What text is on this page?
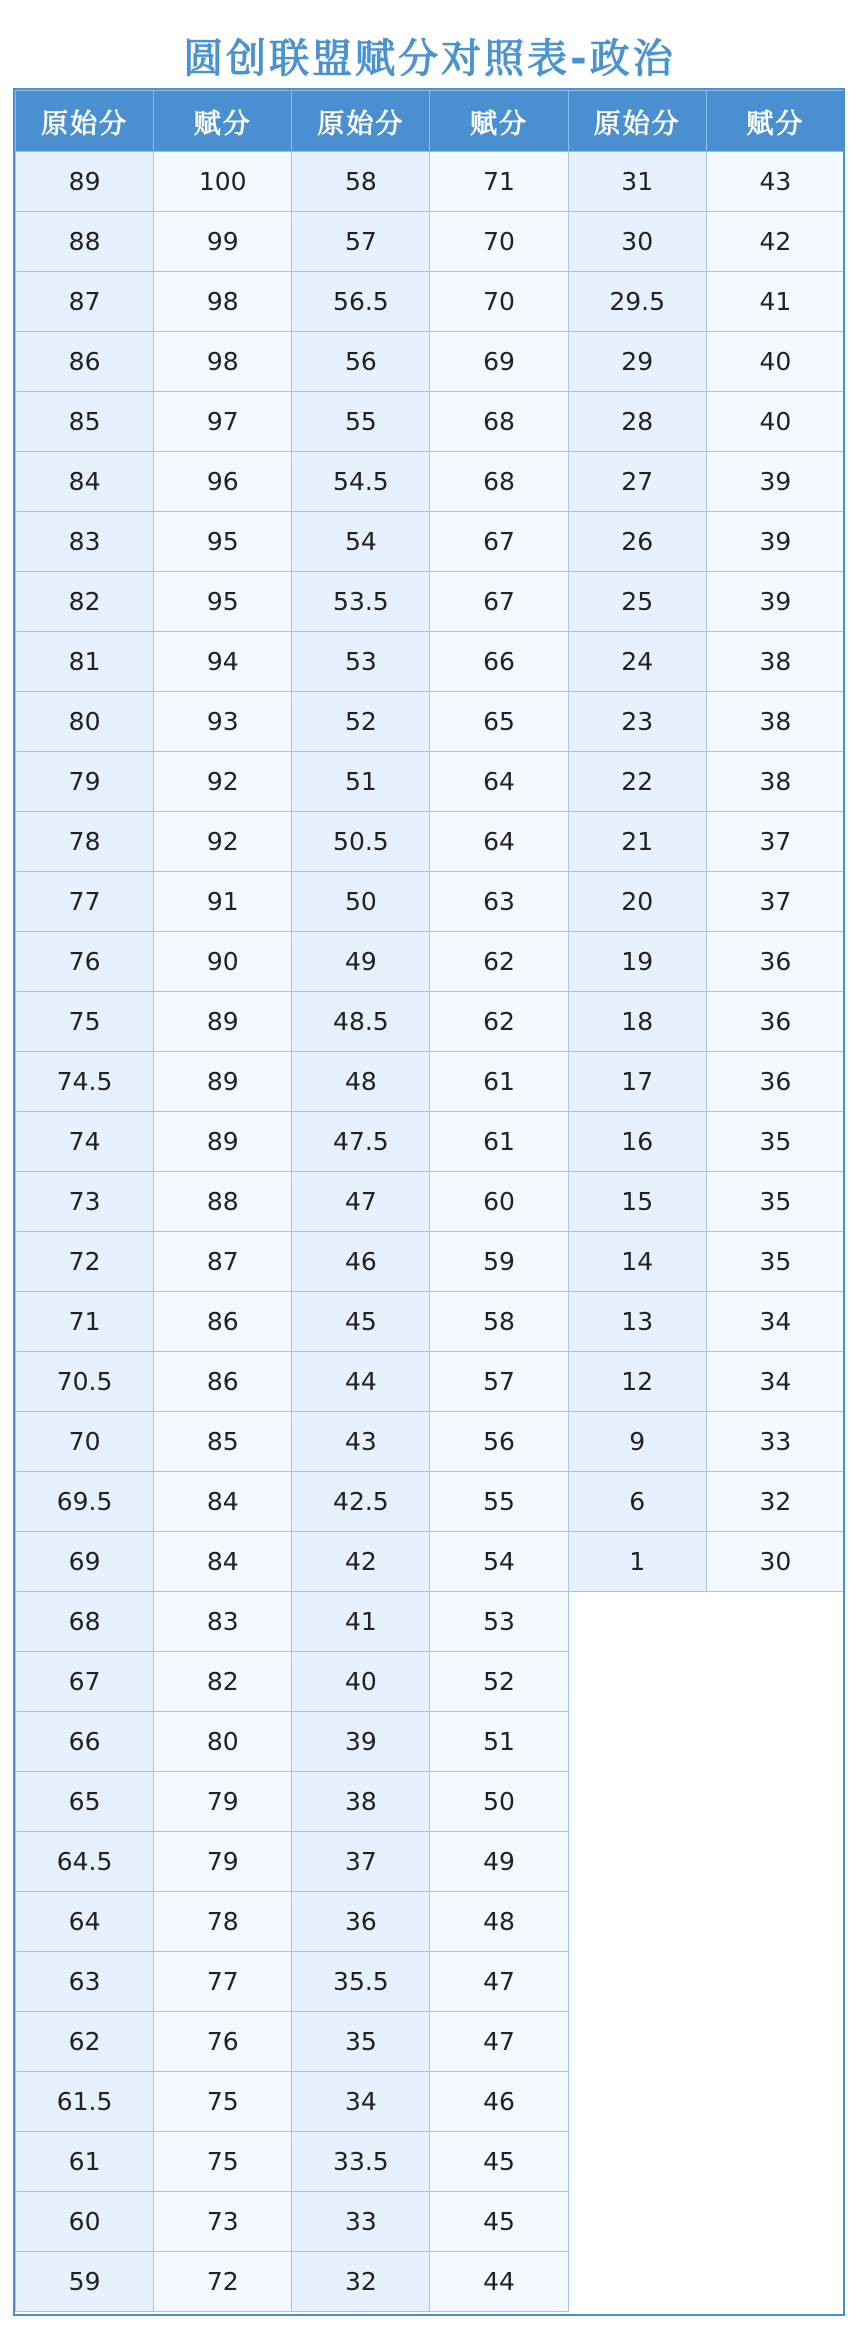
圆创联盟赋分对照表-政治
原始分	赋分	原始分	赋分	原始分	赋分
89	100	58	71	31	43
88	99	57	70	30	42
87	98	56.5	70	29.5	41
86	98	56	69	29	40
85	97	55	68	28	40
84	96	54.5	68	27	39
83	95	54	67	26	39
82	95	53.5	67	25	39
81	94	53	66	24	38
80	93	52	65	23	38
79	92	51	64	22	38
78	92	50.5	64	21	37
77	91	50	63	20	37
76	90	49	62	19	36
75	89	48.5	62	18	36
74.5	89	48	61	17	36
74	89	47.5	61	16	35
73	88	47	60	15	35
72	87	46	59	14	35
71	86	45	58	13	34
70.5	86	44	57	12	34
70	85	43	56	9	33
69.5	84	42.5	55	6	32
69	84	42	54	1	30
68	83	41	53		
67	82	40	52		
66	80	39	51		
65	79	38	50		
64.5	79	37	49		
64	78	36	48		
63	77	35.5	47		
62	76	35	47		
61.5	75	34	46		
61	75	33.5	45		
60	73	33	45		
59	72	32	44		
